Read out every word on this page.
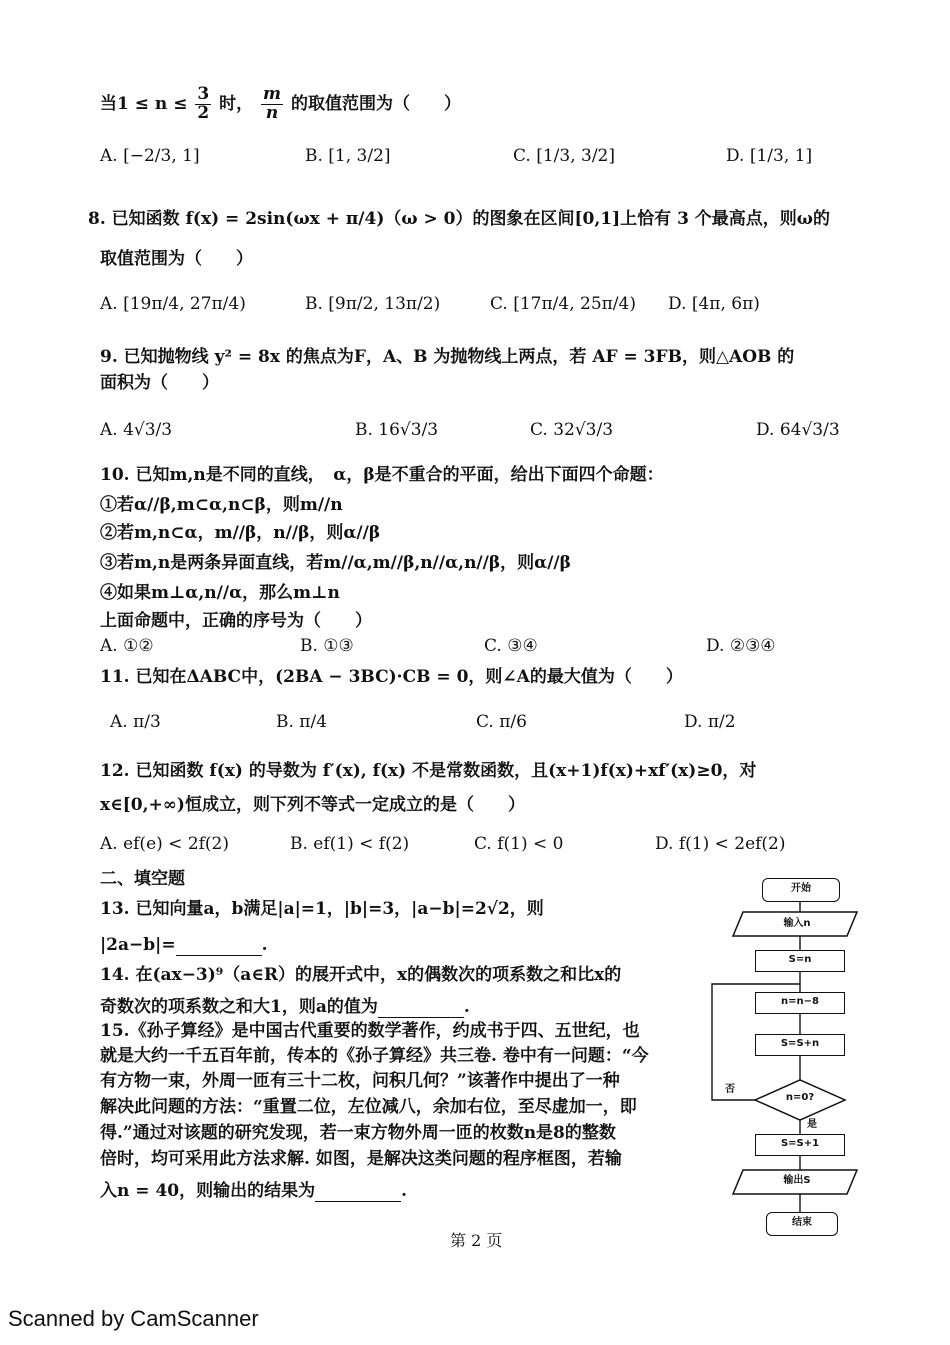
当$1 \le n \le \frac{3}{2}$ 时， $\frac{m}{n}$ 的取值范围为（　　）
A. [−2/3, 1]	B. [1, 3/2]	C. [1/3, 3/2]	D. [1/3, 1]
8. 已知函数 f(x) = 2sin(ωx + π/4)（ω > 0）的图象在区间[0,1]上恰有 3 个最高点，则ω的
取值范围为（　　）
A. [19π/4, 27π/4)	B. [9π/2, 13π/2)	C. [17π/4, 25π/4) D. [4π, 6π)
9. 已知抛物线 y² = 8x 的焦点为F，A、B 为抛物线上两点，若 AF = 3FB，则△AOB 的
面积为（　　）
A. 4√3/3	B. 16√3/3	C. 32√3/3	D. 64√3/3
10. 已知m,n是不同的直线，　α，β是不重合的平面，给出下面四个命题：
①若α//β,m⊂α,n⊂β，则m//n
②若m,n⊂α，m//β，n//β，则α//β
③若m,n是两条异面直线，若m//α,m//β,n//α,n//β，则α//β
④如果m⊥α,n//α，那么m⊥n
上面命题中，正确的序号为（　　）
A. ①②	B. ①③	C. ③④	D. ②③④
11. 已知在ΔABC中，(2BA − 3BC)·CB = 0，则∠A的最大值为（　　）
A. π/3	B. π/4	C. π/6	D. π/2
12. 已知函数 f(x) 的导数为 f′(x), f(x) 不是常数函数，且(x+1)f(x)+xf′(x)≥0，对
x∈[0,+∞)恒成立，则下列不等式一定成立的是（　　）
A. ef(e) < 2f(2)	B. ef(1) < f(2)	C. f(1) < 0	D. f(1) < 2ef(2)
二、填空题
13. 已知向量a，b满足|a|=1，|b|=3，|a−b|=2√2，则
|2a−b|=	.
14. 在(ax−3)⁹（a∈R）的展开式中，x的偶数次的项系数之和比x的
奇数次的项系数之和大1，则a的值为	.
15.《孙子算经》是中国古代重要的数学著作，约成书于四、五世纪，也
就是大约一千五百年前，传本的《孙子算经》共三卷. 卷中有一问题：“今
有方物一束，外周一匝有三十二枚，问积几何？”该著作中提出了一种
解决此问题的方法：“重置二位，左位减八，余加右位，至尽虚加一，即
得.”通过对该题的研究发现，若一束方物外周一匝的枚数n是8的整数
倍时，均可采用此方法求解. 如图，是解决这类问题的程序框图，若输
入n = 40，则输出的结果为	.
开始
输入n
S=n
n=n−8
S=S+n
n=0?
否
是
S=S+1
输出S
结束
第 2 页
Scanned by CamScanner
